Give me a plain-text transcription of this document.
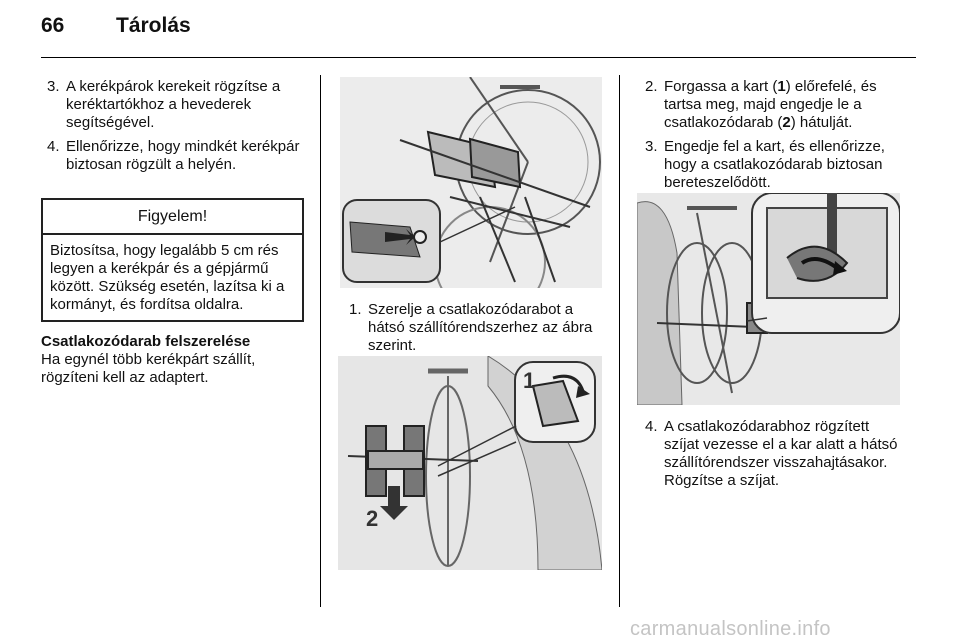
66 Tárolás
3. A kerékpárok kerekeit rögzítse a keréktartókhoz a hevederek segítségével.
4. Ellenőrizze, hogy mindkét kerékpár biztosan rögzült a helyén.
Figyelem!
Biztosítsa, hogy legalább 5 cm rés legyen a kerékpár és a gépjármű között. Szükség esetén, lazítsa ki a kormányt, és fordítsa oldalra.
Csatlakozódarab felszerelése
Ha egynél több kerékpárt szállít, rögzíteni kell az adaptert.
1. Szerelje a csatlakozódarabot a hátsó szállítórendszerhez az ábra szerint.
2
1
2. Forgassa a kart (1) előrefelé, és tartsa meg, majd engedje le a csatlakozódarab (2) hátulját.
3. Engedje fel a kart, és ellenőrizze, hogy a csatlakozódarab biztosan bereteszelődött.
4. A csatlakozódarabhoz rögzített szíjat vezesse el a kar alatt a hátsó szállítórendszer visszahajtásakor. Rögzítse a szíjat.
carmanualsonline.info
